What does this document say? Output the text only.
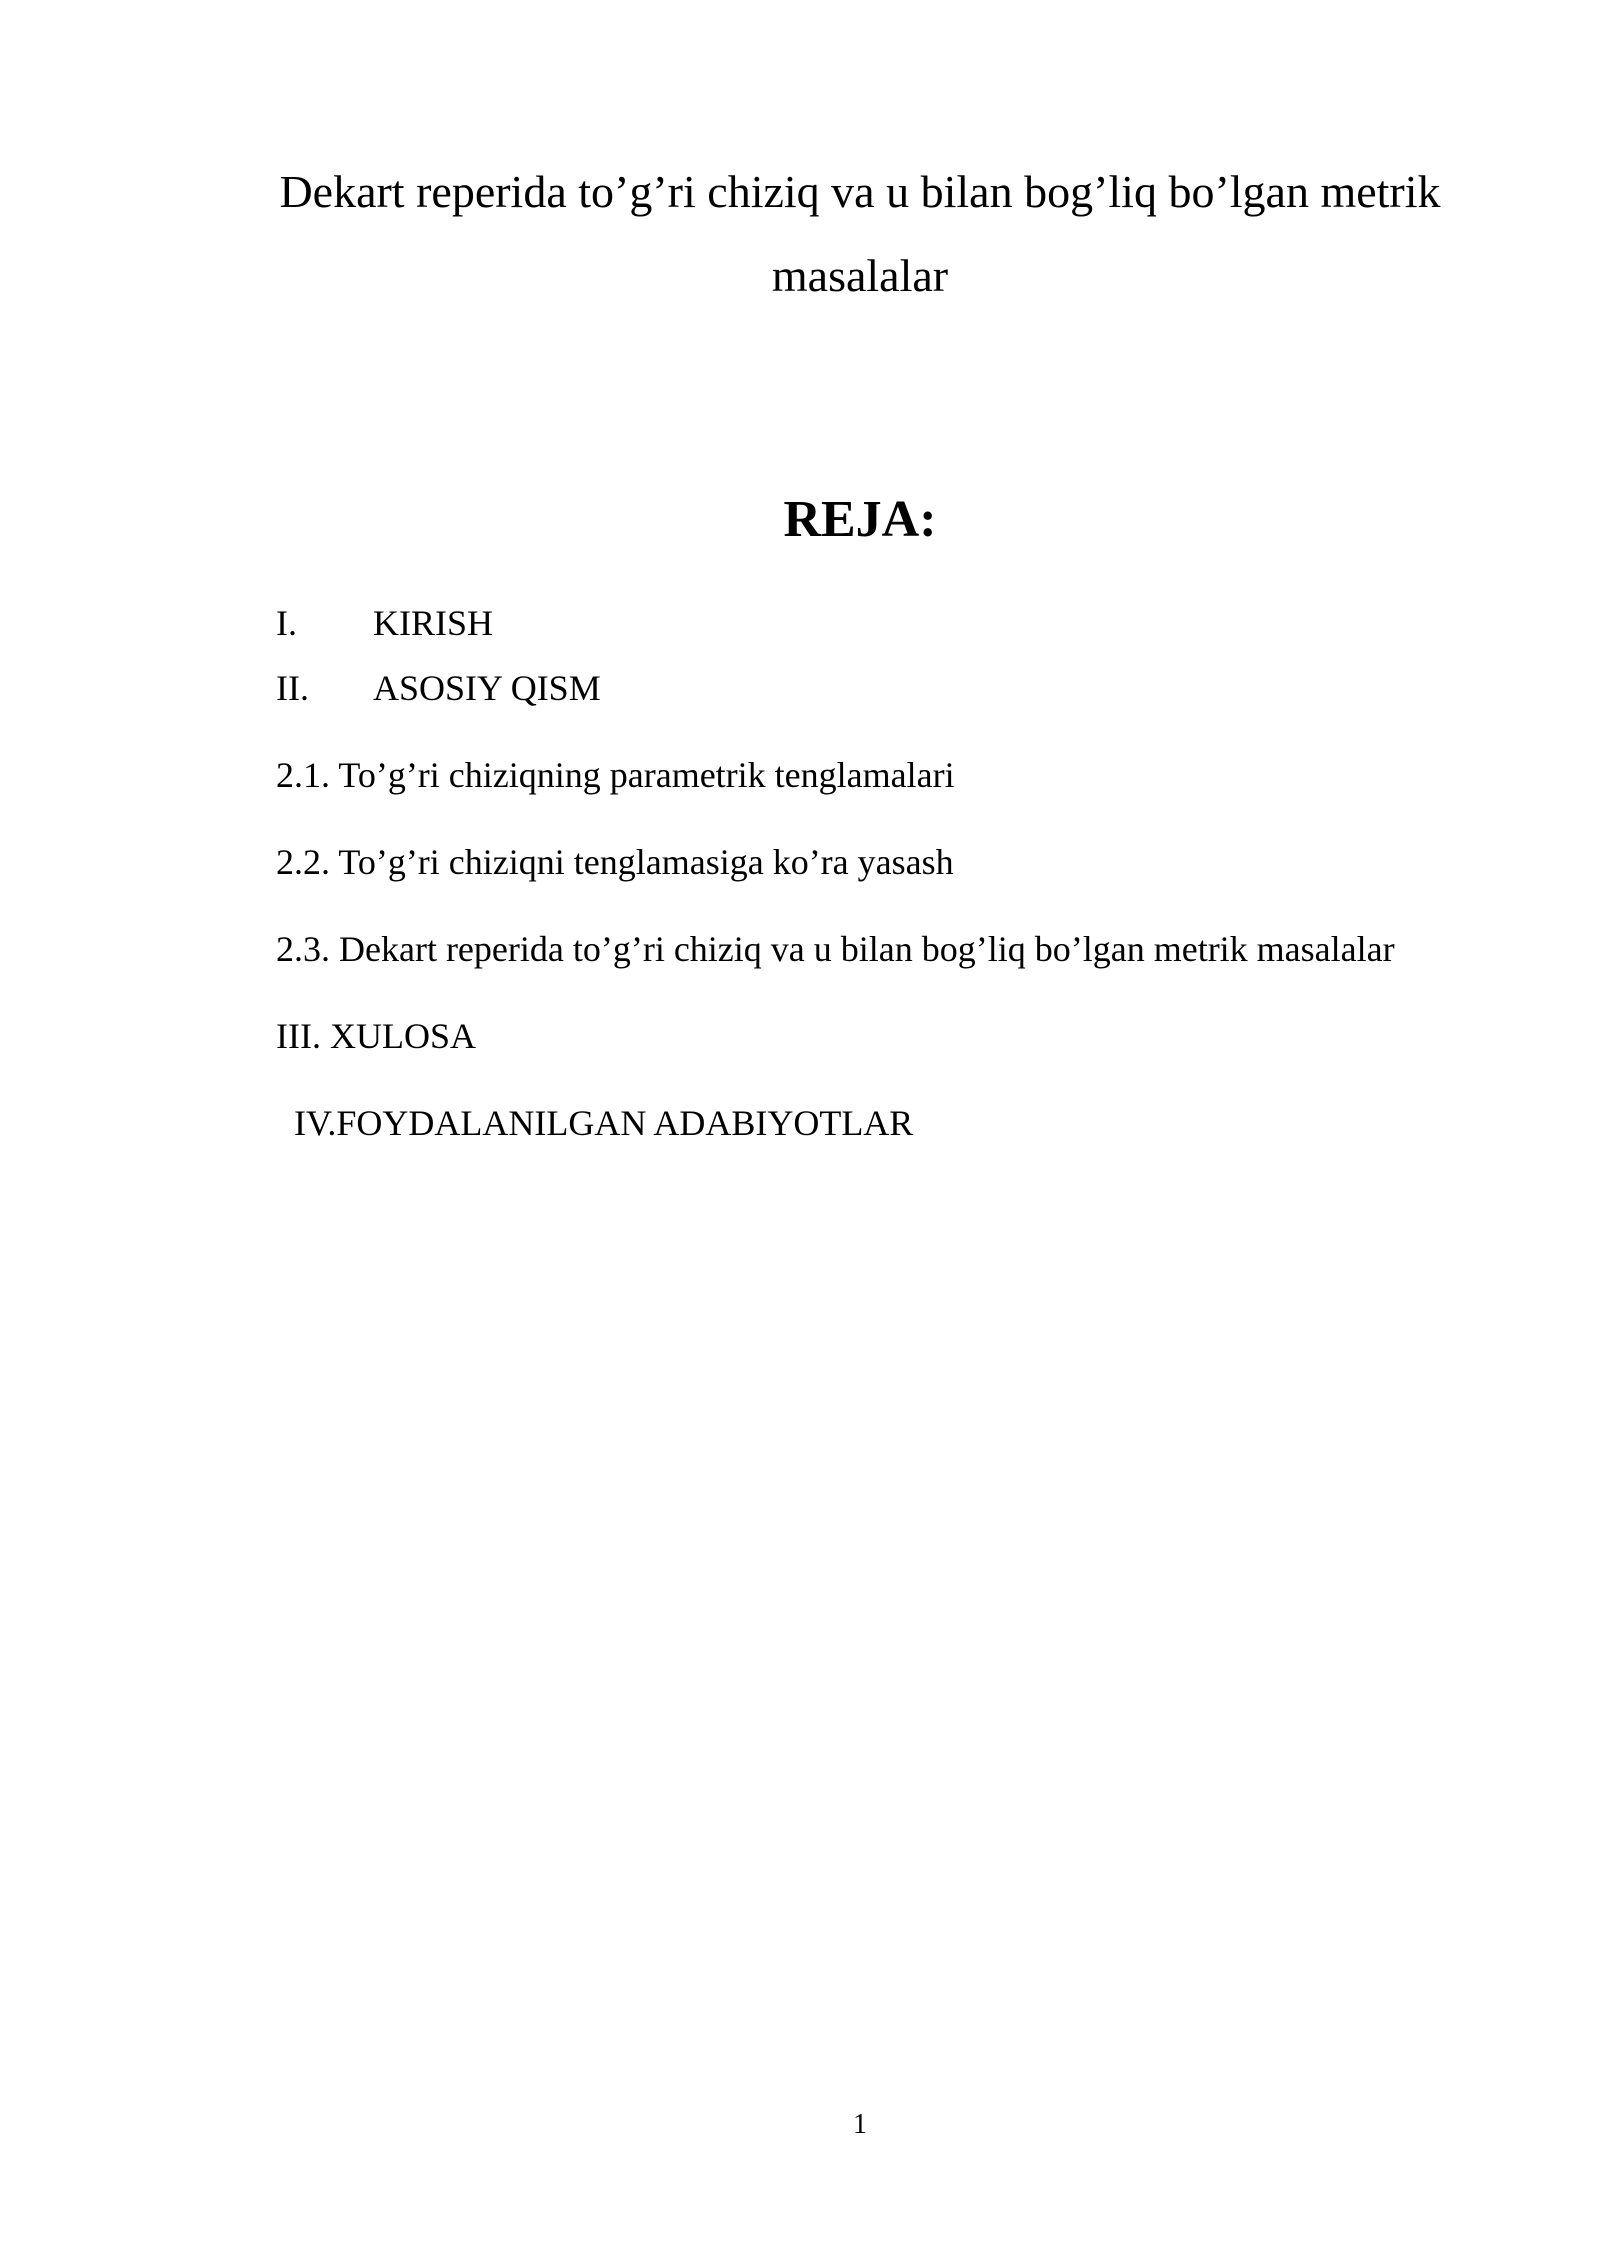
Dekart reperida to’g’ri chiziq va u bilan bog’liq bo’lgan metrik
masalalar
REJA:
I. KIRISH
II. ASOSIY QISM
2.1. To’g’ri chiziqning parametrik tenglamalari
2.2. To’g’ri chiziqni tenglamasiga ko’ra yasash
2.3. Dekart reperida to’g’ri chiziq va u bilan bog’liq bo’lgan metrik masalalar
III. XULOSA
IV.FOYDALANILGAN ADABIYOTLAR
1
